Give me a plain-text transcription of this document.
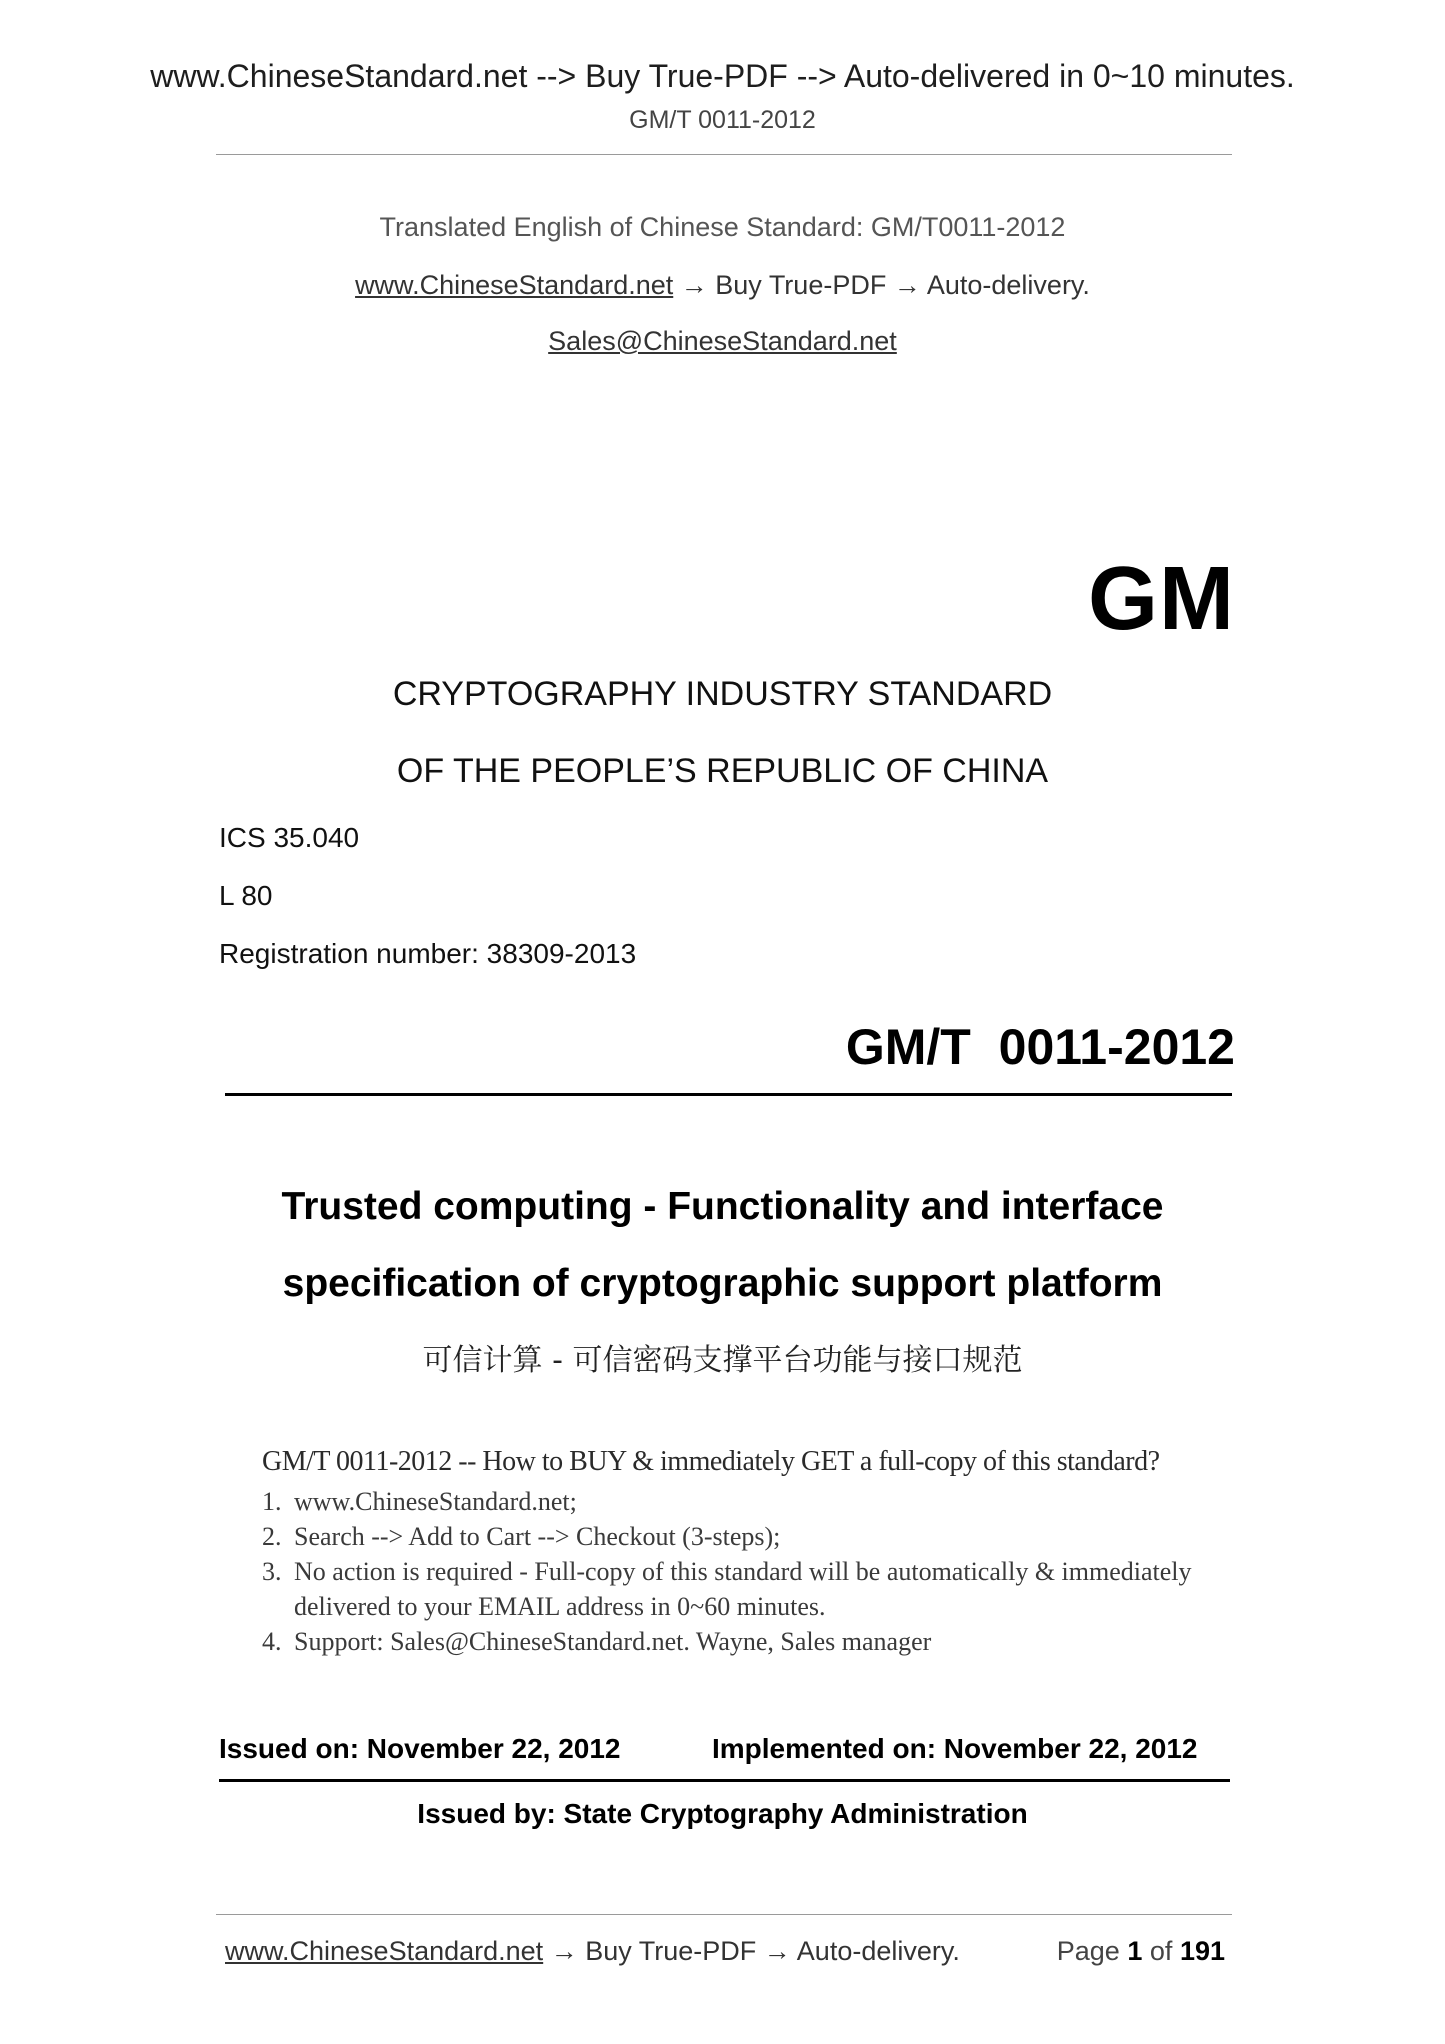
www.ChineseStandard.net --> Buy True-PDF --> Auto-delivered in 0~10 minutes.
GM/T 0011-2012
Translated English of Chinese Standard: GM/T0011-2012
www.ChineseStandard.net → Buy True-PDF → Auto-delivery.
Sales@ChineseStandard.net
GM
CRYPTOGRAPHY INDUSTRY STANDARD
OF THE PEOPLE’S REPUBLIC OF CHINA
ICS 35.040
L 80
Registration number: 38309-2013
GM/T  0011-2012
Trusted computing - Functionality and interface
specification of cryptographic support platform
可信计算 - 可信密码支撑平台功能与接口规范
GM/T 0011-2012 -- How to BUY & immediately GET a full-copy of this standard?
1. www.ChineseStandard.net;
2. Search --> Add to Cart --> Checkout (3-steps);
3. No action is required - Full-copy of this standard will be automatically & immediately delivered to your EMAIL address in 0~60 minutes.
4. Support: Sales@ChineseStandard.net. Wayne, Sales manager
Issued on: November 22, 2012	Implemented on: November 22, 2012
Issued by: State Cryptography Administration
www.ChineseStandard.net → Buy True-PDF → Auto-delivery.	Page 1 of 191
